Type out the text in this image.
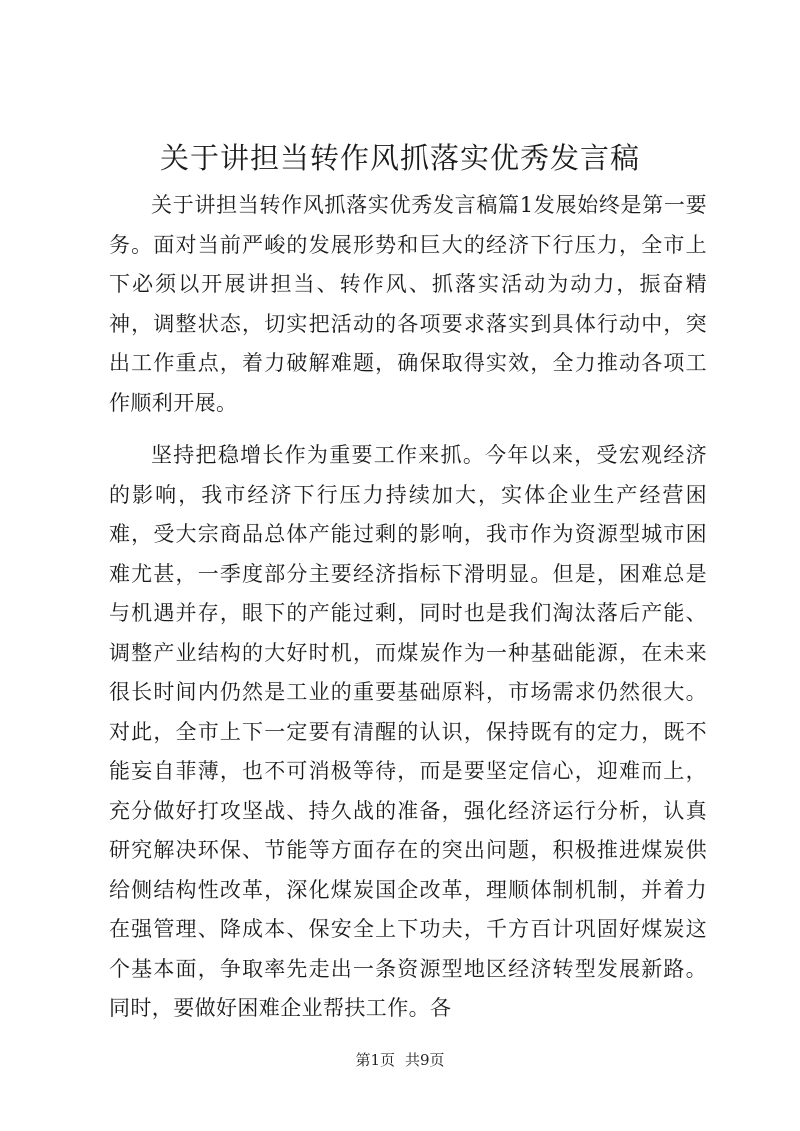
关于讲担当转作风抓落实优秀发言稿

关于讲担当转作风抓落实优秀发言稿篇1发展始终是第一要务。面对当前严峻的发展形势和巨大的经济下行压力，全市上下必须以开展讲担当、转作风、抓落实活动为动力，振奋精神，调整状态，切实把活动的各项要求落实到具体行动中，突出工作重点，着力破解难题，确保取得实效，全力推动各项工作顺利开展。

坚持把稳增长作为重要工作来抓。今年以来，受宏观经济的影响，我市经济下行压力持续加大，实体企业生产经营困难，受大宗商品总体产能过剩的影响，我市作为资源型城市困难尤甚，一季度部分主要经济指标下滑明显。但是，困难总是与机遇并存，眼下的产能过剩，同时也是我们淘汰落后产能、调整产业结构的大好时机，而煤炭作为一种基础能源，在未来很长时间内仍然是工业的重要基础原料，市场需求仍然很大。对此，全市上下一定要有清醒的认识，保持既有的定力，既不能妄自菲薄，也不可消极等待，而是要坚定信心，迎难而上，充分做好打攻坚战、持久战的准备，强化经济运行分析，认真研究解决环保、节能等方面存在的突出问题，积极推进煤炭供给侧结构性改革，深化煤炭国企改革，理顺体制机制，并着力在强管理、降成本、保安全上下功夫，千方百计巩固好煤炭这个基本面，争取率先走出一条资源型地区经济转型发展新路。同时，要做好困难企业帮扶工作。各

第1页 共9页
